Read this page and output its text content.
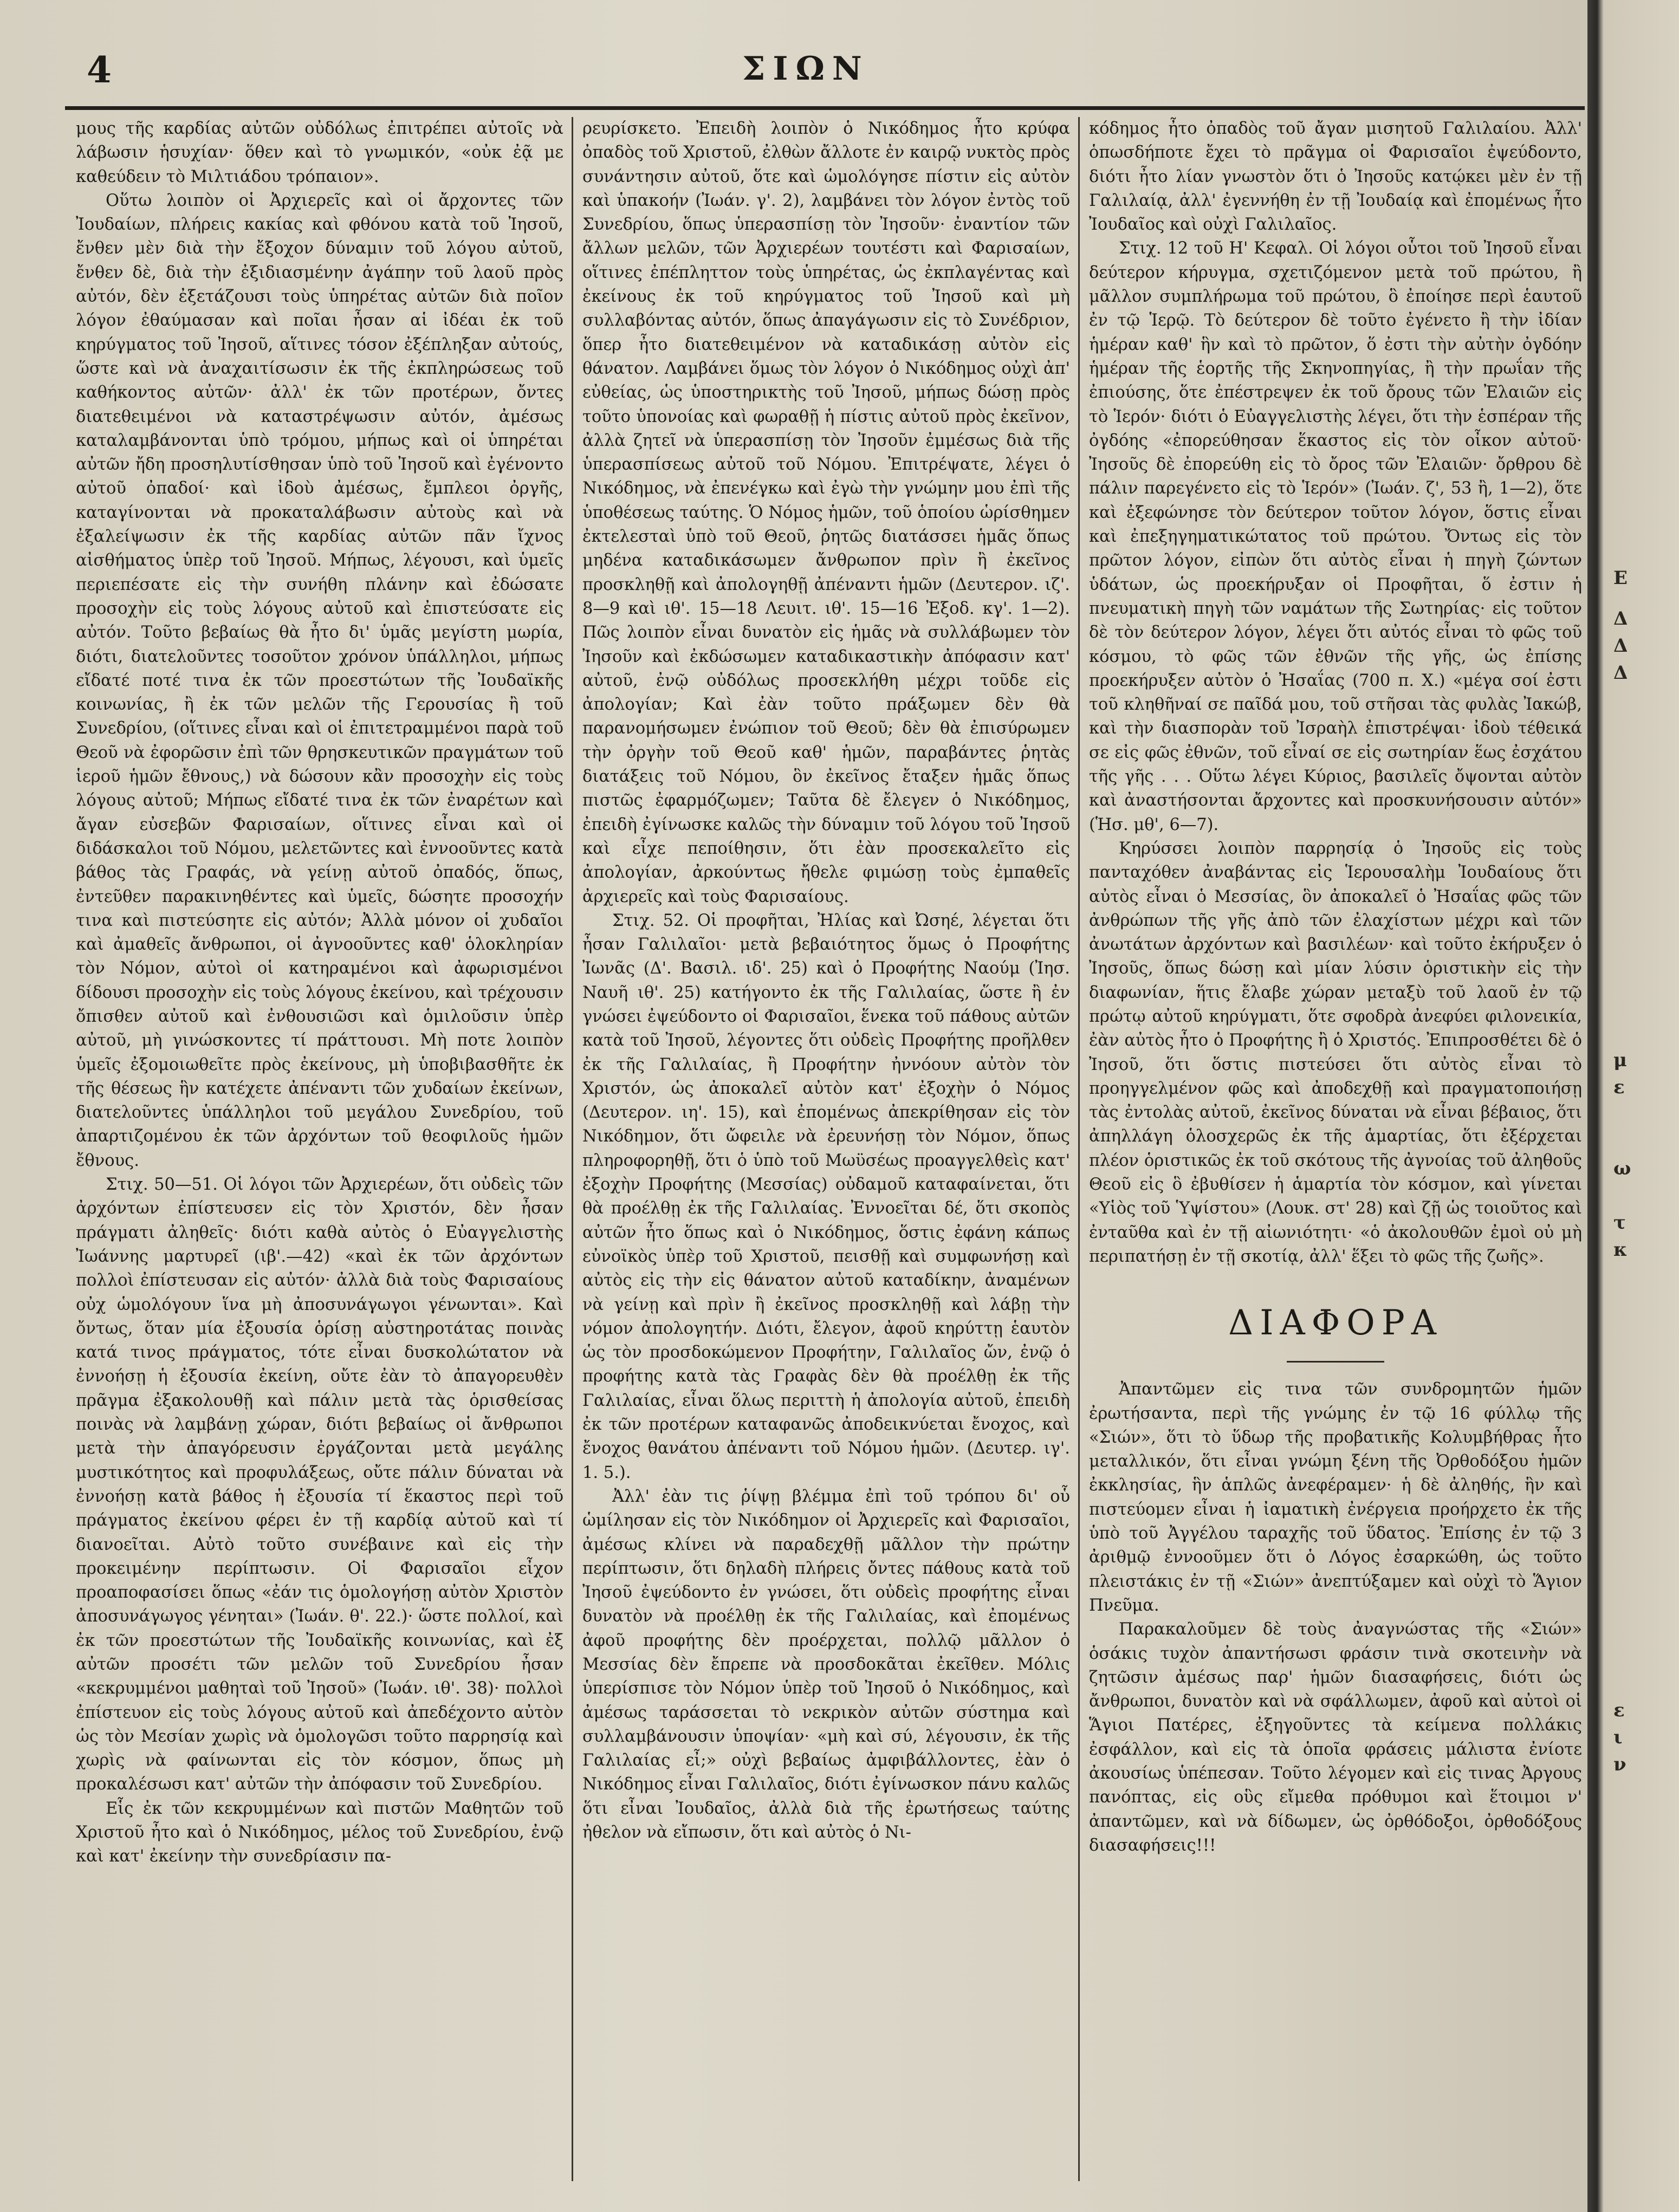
Ε
Δ
Δ
Δ
μ
ε
ω
τ
κ
ε
ι
ν
4	ΣΙΩΝ

μους τῆς καρδίας αὐτῶν οὐδόλως ἐπιτρέπει αὐτοῖς νὰ λάβωσιν ἡσυχίαν· ὅθεν καὶ τὸ γνωμικόν, «οὐκ ἐᾷ με καθεύδειν τὸ Μιλτιάδου τρόπαιον».

Οὕτω λοιπὸν οἱ Ἀρχιερεῖς καὶ οἱ ἄρχοντες τῶν Ἰουδαίων, πλήρεις κακίας καὶ φθόνου κατὰ τοῦ Ἰησοῦ, ἔνθεν μὲν διὰ τὴν ἔξοχον δύναμιν τοῦ λόγου αὐτοῦ, ἔνθεν δὲ, διὰ τὴν ἐξιδιασμένην ἀγάπην τοῦ λαοῦ πρὸς αὐτόν, δὲν ἐξετάζουσι τοὺς ὑπηρέτας αὐτῶν διὰ ποῖον λόγον ἐθαύμασαν καὶ ποῖαι ἦσαν αἱ ἰδέαι ἐκ τοῦ κηρύγματος τοῦ Ἰησοῦ, αἵτινες τόσον ἐξέπληξαν αὐτούς, ὥστε καὶ νὰ ἀναχαιτίσωσιν ἐκ τῆς ἐκπληρώσεως τοῦ καθήκοντος αὐτῶν· ἀλλ' ἐκ τῶν προτέρων, ὄντες διατεθειμένοι νὰ καταστρέψωσιν αὐτόν, ἀμέσως καταλαμβάνονται ὑπὸ τρόμου, μήπως καὶ οἱ ὑπηρέται αὐτῶν ἤδη προσηλυτίσθησαν ὑπὸ τοῦ Ἰησοῦ καὶ ἐγένοντο αὐτοῦ ὀπαδοί· καὶ ἰδοὺ ἀμέσως, ἔμπλεοι ὀργῆς, καταγίνονται νὰ προκαταλάβωσιν αὐτοὺς καὶ νὰ ἐξαλείψωσιν ἐκ τῆς καρδίας αὐτῶν πᾶν ἴχνος αἰσθήματος ὑπὲρ τοῦ Ἰησοῦ. Μήπως, λέγουσι, καὶ ὑμεῖς περιεπέσατε εἰς τὴν συνήθη πλάνην καὶ ἐδώσατε προσοχὴν εἰς τοὺς λόγους αὐτοῦ καὶ ἐπιστεύσατε εἰς αὐτόν. Τοῦτο βεβαίως θὰ ἦτο δι' ὑμᾶς μεγίστη μωρία, διότι, διατελοῦντες τοσοῦτον χρόνον ὑπάλληλοι, μήπως εἴδατέ ποτέ τινα ἐκ τῶν προεστώτων τῆς Ἰουδαϊκῆς κοινωνίας, ἢ ἐκ τῶν μελῶν τῆς Γερουσίας ἢ τοῦ Συνεδρίου, (οἵτινες εἶναι καὶ οἱ ἐπιτετραμμένοι παρὰ τοῦ Θεοῦ νὰ ἐφορῶσιν ἐπὶ τῶν θρησκευτικῶν πραγμάτων τοῦ ἱεροῦ ἡμῶν ἔθνους,) νὰ δώσουν κἂν προσοχὴν εἰς τοὺς λόγους αὐτοῦ; Μήπως εἴδατέ τινα ἐκ τῶν ἐναρέτων καὶ ἄγαν εὐσεβῶν Φαρισαίων, οἵτινες εἶναι καὶ οἱ διδάσκαλοι τοῦ Νόμου, μελετῶντες καὶ ἐννοοῦντες κατὰ βάθος τὰς Γραφάς, νὰ γείνῃ αὐτοῦ ὀπαδός, ὅπως, ἐντεῦθεν παρακινηθέντες καὶ ὑμεῖς, δώσητε προσοχήν τινα καὶ πιστεύσητε εἰς αὐτόν; Ἀλλὰ μόνον οἱ χυδαῖοι καὶ ἀμαθεῖς ἄνθρωποι, οἱ ἀγνοοῦντες καθ' ὁλοκληρίαν τὸν Νόμον, αὐτοὶ οἱ κατηραμένοι καὶ ἀφωρισμένοι δίδουσι προσοχὴν εἰς τοὺς λόγους ἐκείνου, καὶ τρέχουσιν ὄπισθεν αὐτοῦ καὶ ἐνθουσιῶσι καὶ ὁμιλοῦσιν ὑπὲρ αὐτοῦ, μὴ γινώσκοντες τί πράττουσι. Μὴ ποτε λοιπὸν ὑμεῖς ἐξομοιωθεῖτε πρὸς ἐκείνους, μὴ ὑποβιβασθῆτε ἐκ τῆς θέσεως ἣν κατέχετε ἀπέναντι τῶν χυδαίων ἐκείνων, διατελοῦντες ὑπάλληλοι τοῦ μεγάλου Συνεδρίου, τοῦ ἀπαρτιζομένου ἐκ τῶν ἀρχόντων τοῦ θεοφιλοῦς ἡμῶν ἔθνους.

Στιχ. 50—51. Οἱ λόγοι τῶν Ἀρχιερέων, ὅτι οὐδεὶς τῶν ἀρχόντων ἐπίστευσεν εἰς τὸν Χριστόν, δὲν ἦσαν πράγματι ἀληθεῖς· διότι καθὰ αὐτὸς ὁ Εὐαγγελιστὴς Ἰωάννης μαρτυρεῖ (ιβ'.—42) «καὶ ἐκ τῶν ἀρχόντων πολλοὶ ἐπίστευσαν εἰς αὐτόν· ἀλλὰ διὰ τοὺς Φαρισαίους οὐχ ὡμολόγουν ἵνα μὴ ἀποσυνάγωγοι γένωνται». Καὶ ὄντως, ὅταν μία ἐξουσία ὁρίσῃ αὐστηροτάτας ποινὰς κατά τινος πράγματος, τότε εἶναι δυσκολώτατον νὰ ἐννοήσῃ ἡ ἐξουσία ἐκείνη, οὔτε ἐὰν τὸ ἀπαγορευθὲν πρᾶγμα ἐξακολουθῇ καὶ πάλιν μετὰ τὰς ὁρισθείσας ποινὰς νὰ λαμβάνῃ χώραν, διότι βεβαίως οἱ ἄνθρωποι μετὰ τὴν ἀπαγόρευσιν ἐργάζονται μετὰ μεγάλης μυστικότητος καὶ προφυλάξεως, οὔτε πάλιν δύναται νὰ ἐννοήσῃ κατὰ βάθος ἡ ἐξουσία τί ἕκαστος περὶ τοῦ πράγματος ἐκείνου φέρει ἐν τῇ καρδίᾳ αὐτοῦ καὶ τί διανοεῖται. Αὐτὸ τοῦτο συνέβαινε καὶ εἰς τὴν προκειμένην περίπτωσιν. Οἱ Φαρισαῖοι εἶχον προαποφασίσει ὅπως «ἐάν τις ὁμολογήσῃ αὐτὸν Χριστὸν ἀποσυνάγωγος γένηται» (Ἰωάν. θ'. 22.)· ὥστε πολλοί, καὶ ἐκ τῶν προεστώτων τῆς Ἰουδαϊκῆς κοινωνίας, καὶ ἐξ αὐτῶν προσέτι τῶν μελῶν τοῦ Συνεδρίου ἦσαν «κεκρυμμένοι μαθηταὶ τοῦ Ἰησοῦ» (Ἰωάν. ιθ'. 38)· πολλοὶ ἐπίστευον εἰς τοὺς λόγους αὐτοῦ καὶ ἀπεδέχοντο αὐτὸν ὡς τὸν Μεσίαν χωρὶς νὰ ὁμολογῶσι τοῦτο παρρησίᾳ καὶ χωρὶς νὰ φαίνωνται εἰς τὸν κόσμον, ὅπως μὴ προκαλέσωσι κατ' αὐτῶν τὴν ἀπόφασιν τοῦ Συνεδρίου.

Εἷς ἐκ τῶν κεκρυμμένων καὶ πιστῶν Μαθητῶν τοῦ Χριστοῦ ἦτο καὶ ὁ Νικόδημος, μέλος τοῦ Συνεδρίου, ἐνῷ καὶ κατ' ἐκείνην τὴν συνεδρίασιν πα-

ρευρίσκετο. Ἐπειδὴ λοιπὸν ὁ Νικόδημος ἦτο κρύφα ὀπαδὸς τοῦ Χριστοῦ, ἐλθὼν ἄλλοτε ἐν καιρῷ νυκτὸς πρὸς συνάντησιν αὐτοῦ, ὅτε καὶ ὡμολόγησε πίστιν εἰς αὐτὸν καὶ ὑπακοήν (Ἰωάν. γ'. 2), λαμβάνει τὸν λόγον ἐντὸς τοῦ Συνεδρίου, ὅπως ὑπερασπίσῃ τὸν Ἰησοῦν· ἐναντίον τῶν ἄλλων μελῶν, τῶν Ἀρχιερέων τουτέστι καὶ Φαρισαίων, οἵτινες ἐπέπληττον τοὺς ὑπηρέτας, ὡς ἐκπλαγέντας καὶ ἐκείνους ἐκ τοῦ κηρύγματος τοῦ Ἰησοῦ καὶ μὴ συλλαβόντας αὐτόν, ὅπως ἀπαγάγωσιν εἰς τὸ Συνέδριον, ὅπερ ἦτο διατεθειμένον νὰ καταδικάσῃ αὐτὸν εἰς θάνατον. Λαμβάνει ὅμως τὸν λόγον ὁ Νικόδημος οὐχὶ ἀπ' εὐθείας, ὡς ὑποστηρικτὴς τοῦ Ἰησοῦ, μήπως δώσῃ πρὸς τοῦτο ὑπονοίας καὶ φωραθῇ ἡ πίστις αὐτοῦ πρὸς ἐκεῖνον, ἀλλὰ ζητεῖ νὰ ὑπερασπίσῃ τὸν Ἰησοῦν ἐμμέσως διὰ τῆς ὑπερασπίσεως αὐτοῦ τοῦ Νόμου. Ἐπιτρέψατε, λέγει ὁ Νικόδημος, νὰ ἐπενέγκω καὶ ἐγὼ τὴν γνώμην μου ἐπὶ τῆς ὑποθέσεως ταύτης. Ὁ Νόμος ἡμῶν, τοῦ ὁποίου ὡρίσθημεν ἐκτελεσταὶ ὑπὸ τοῦ Θεοῦ, ῥητῶς διατάσσει ἡμᾶς ὅπως μηδένα καταδικάσωμεν ἄνθρωπον πρὶν ἢ ἐκεῖνος προσκληθῇ καὶ ἀπολογηθῇ ἀπέναντι ἡμῶν (Δευτερον. ιζ'. 8—9 καὶ ιθ'. 15—18 Λευιτ. ιθ'. 15—16 Ἐξοδ. κγ'. 1—2). Πῶς λοιπὸν εἶναι δυνατὸν εἰς ἡμᾶς νὰ συλλάβωμεν τὸν Ἰησοῦν καὶ ἐκδώσωμεν καταδικαστικὴν ἀπόφασιν κατ' αὐτοῦ, ἐνῷ οὐδόλως προσεκλήθη μέχρι τοῦδε εἰς ἀπολογίαν; Καὶ ἐὰν τοῦτο πράξωμεν δὲν θὰ παρανομήσωμεν ἐνώπιον τοῦ Θεοῦ; δὲν θὰ ἐπισύρωμεν τὴν ὀργὴν τοῦ Θεοῦ καθ' ἡμῶν, παραβάντες ῥητὰς διατάξεις τοῦ Νόμου, ὃν ἐκεῖνος ἔταξεν ἡμᾶς ὅπως πιστῶς ἐφαρμόζωμεν; Ταῦτα δὲ ἔλεγεν ὁ Νικόδημος, ἐπειδὴ ἐγίνωσκε καλῶς τὴν δύναμιν τοῦ λόγου τοῦ Ἰησοῦ καὶ εἶχε πεποίθησιν, ὅτι ἐὰν προσεκαλεῖτο εἰς ἀπολογίαν, ἀρκούντως ἤθελε φιμώσῃ τοὺς ἐμπαθεῖς ἀρχιερεῖς καὶ τοὺς Φαρισαίους.

Στιχ. 52. Οἱ προφῆται, Ἠλίας καὶ Ὠσηέ, λέγεται ὅτι ἦσαν Γαλιλαῖοι· μετὰ βεβαιότητος ὅμως ὁ Προφήτης Ἰωνᾶς (Δ'. Βασιλ. ιδ'. 25) καὶ ὁ Προφήτης Ναούμ (Ἰησ. Ναυῆ ιθ'. 25) κατήγοντο ἐκ τῆς Γαλιλαίας, ὥστε ἢ ἐν γνώσει ἐψεύδοντο οἱ Φαρισαῖοι, ἕνεκα τοῦ πάθους αὐτῶν κατὰ τοῦ Ἰησοῦ, λέγοντες ὅτι οὐδεὶς Προφήτης προῆλθεν ἐκ τῆς Γαλιλαίας, ἢ Προφήτην ἠννόουν αὐτὸν τὸν Χριστόν, ὡς ἀποκαλεῖ αὐτὸν κατ' ἐξοχὴν ὁ Νόμος (Δευτερον. ιη'. 15), καὶ ἐπομένως ἀπεκρίθησαν εἰς τὸν Νικόδημον, ὅτι ὤφειλε νὰ ἐρευνήσῃ τὸν Νόμον, ὅπως πληροφορηθῇ, ὅτι ὁ ὑπὸ τοῦ Μωϋσέως προαγγελθεὶς κατ' ἐξοχὴν Προφήτης (Μεσσίας) οὐδαμοῦ καταφαίνεται, ὅτι θὰ προέλθῃ ἐκ τῆς Γαλιλαίας. Ἐννοεῖται δέ, ὅτι σκοπὸς αὐτῶν ἦτο ὅπως καὶ ὁ Νικόδημος, ὅστις ἐφάνη κάπως εὐνοϊκὸς ὑπὲρ τοῦ Χριστοῦ, πεισθῇ καὶ συμφωνήσῃ καὶ αὐτὸς εἰς τὴν εἰς θάνατον αὐτοῦ καταδίκην, ἀναμένων νὰ γείνῃ καὶ πρὶν ἢ ἐκεῖνος προσκληθῇ καὶ λάβῃ τὴν νόμον ἀπολογητήν. Διότι, ἔλεγον, ἀφοῦ κηρύττῃ ἑαυτὸν ὡς τὸν προσδοκώμενον Προφήτην, Γαλιλαῖος ὤν, ἐνῷ ὁ προφήτης κατὰ τὰς Γραφὰς δὲν θὰ προέλθῃ ἐκ τῆς Γαλιλαίας, εἶναι ὅλως περιττὴ ἡ ἀπολογία αὐτοῦ, ἐπειδὴ ἐκ τῶν προτέρων καταφανῶς ἀποδεικνύεται ἔνοχος, καὶ ἔνοχος θανάτου ἀπέναντι τοῦ Νόμου ἡμῶν. (Δευτερ. ιγ'. 1. 5.).

Ἀλλ' ἐὰν τις ῥίψῃ βλέμμα ἐπὶ τοῦ τρόπου δι' οὗ ὡμίλησαν εἰς τὸν Νικόδημον οἱ Ἀρχιερεῖς καὶ Φαρισαῖοι, ἀμέσως κλίνει νὰ παραδεχθῇ μᾶλλον τὴν πρώτην περίπτωσιν, ὅτι δηλαδὴ πλήρεις ὄντες πάθους κατὰ τοῦ Ἰησοῦ ἐψεύδοντο ἐν γνώσει, ὅτι οὐδεὶς προφήτης εἶναι δυνατὸν νὰ προέλθῃ ἐκ τῆς Γαλιλαίας, καὶ ἐπομένως ἀφοῦ προφήτης δὲν προέρχεται, πολλῷ μᾶλλον ὁ Μεσσίας δὲν ἔπρεπε νὰ προσδοκᾶται ἐκεῖθεν. Μόλις ὑπερίσπισε τὸν Νόμον ὑπὲρ τοῦ Ἰησοῦ ὁ Νικόδημος, καὶ ἀμέσως ταράσσεται τὸ νεκρικὸν αὐτῶν σύστημα καὶ συλλαμβάνουσιν ὑποψίαν· «μὴ καὶ σύ, λέγουσιν, ἐκ τῆς Γαλιλαίας εἶ;» οὐχὶ βεβαίως ἀμφιβάλλοντες, ἐὰν ὁ Νικόδημος εἶναι Γαλιλαῖος, διότι ἐγίνωσκον πάνυ καλῶς ὅτι εἶναι Ἰουδαῖος, ἀλλὰ διὰ τῆς ἐρωτήσεως ταύτης ἠθελον νὰ εἴπωσιν, ὅτι καὶ αὐτὸς ὁ Νι-

κόδημος ἦτο ὀπαδὸς τοῦ ἄγαν μισητοῦ Γαλιλαίου. Ἀλλ' ὁπωσδήποτε ἔχει τὸ πρᾶγμα οἱ Φαρισαῖοι ἐψεύδοντο, διότι ἦτο λίαν γνωστὸν ὅτι ὁ Ἰησοῦς κατῴκει μὲν ἐν τῇ Γαλιλαίᾳ, ἀλλ' ἐγεννήθη ἐν τῇ Ἰουδαίᾳ καὶ ἐπομένως ἦτο Ἰουδαῖος καὶ οὐχὶ Γαλιλαῖος.

Στιχ. 12 τοῦ Η' Κεφαλ. Οἱ λόγοι οὗτοι τοῦ Ἰησοῦ εἶναι δεύτερον κήρυγμα, σχετιζόμενον μετὰ τοῦ πρώτου, ἢ μᾶλλον συμπλήρωμα τοῦ πρώτου, ὃ ἐποίησε περὶ ἑαυτοῦ ἐν τῷ Ἱερῷ. Τὸ δεύτερον δὲ τοῦτο ἐγένετο ἢ τὴν ἰδίαν ἡμέραν καθ' ἣν καὶ τὸ πρῶτον, ὅ ἐστι τὴν αὐτὴν ὀγδόην ἡμέραν τῆς ἑορτῆς τῆς Σκηνοπηγίας, ἢ τὴν πρωΐαν τῆς ἐπιούσης, ὅτε ἐπέστρεψεν ἐκ τοῦ ὄρους τῶν Ἐλαιῶν εἰς τὸ Ἱερόν· διότι ὁ Εὐαγγελιστὴς λέγει, ὅτι τὴν ἑσπέραν τῆς ὀγδόης «ἐπορεύθησαν ἕκαστος εἰς τὸν οἶκον αὐτοῦ· Ἰησοῦς δὲ ἐπορεύθη εἰς τὸ ὄρος τῶν Ἐλαιῶν· ὄρθρου δὲ πάλιν παρεγένετο εἰς τὸ Ἱερόν» (Ἰωάν. ζ', 53 ἢ, 1—2), ὅτε καὶ ἐξεφώνησε τὸν δεύτερον τοῦτον λόγον, ὅστις εἶναι καὶ ἐπεξηγηματικώτατος τοῦ πρώτου. Ὄντως εἰς τὸν πρῶτον λόγον, εἰπὼν ὅτι αὐτὸς εἶναι ἡ πηγὴ ζώντων ὑδάτων, ὡς προεκήρυξαν οἱ Προφῆται, ὅ ἐστιν ἡ πνευματικὴ πηγὴ τῶν ναμάτων τῆς Σωτηρίας· εἰς τοῦτον δὲ τὸν δεύτερον λόγον, λέγει ὅτι αὐτός εἶναι τὸ φῶς τοῦ κόσμου, τὸ φῶς τῶν ἐθνῶν τῆς γῆς, ὡς ἐπίσης προεκήρυξεν αὐτὸν ὁ Ἠσαΐας (700 π. Χ.) «μέγα σοί ἐστι τοῦ κληθῆναί σε παῖδά μου, τοῦ στῆσαι τὰς φυλὰς Ἰακώβ, καὶ τὴν διασπορὰν τοῦ Ἰσραὴλ ἐπιστρέψαι· ἰδοὺ τέθεικά σε εἰς φῶς ἐθνῶν, τοῦ εἶναί σε εἰς σωτηρίαν ἕως ἐσχάτου τῆς γῆς . . . Οὕτω λέγει Κύριος, βασιλεῖς ὄψονται αὐτὸν καὶ ἀναστήσονται ἄρχοντες καὶ προσκυνήσουσιν αὐτόν» (Ἡσ. μθ', 6—7).

Κηρύσσει λοιπὸν παρρησίᾳ ὁ Ἰησοῦς εἰς τοὺς πανταχόθεν ἀναβάντας εἰς Ἱερουσαλὴμ Ἰουδαίους ὅτι αὐτὸς εἶναι ὁ Μεσσίας, ὃν ἀποκαλεῖ ὁ Ἠσαΐας φῶς τῶν ἀνθρώπων τῆς γῆς ἀπὸ τῶν ἐλαχίστων μέχρι καὶ τῶν ἀνωτάτων ἀρχόντων καὶ βασιλέων· καὶ τοῦτο ἐκήρυξεν ὁ Ἰησοῦς, ὅπως δώσῃ καὶ μίαν λύσιν ὁριστικὴν εἰς τὴν διαφωνίαν, ἥτις ἔλαβε χώραν μεταξὺ τοῦ λαοῦ ἐν τῷ πρώτῳ αὐτοῦ κηρύγματι, ὅτε σφοδρὰ ἀνεφύει φιλονεικία, ἐὰν αὐτὸς ἦτο ὁ Προφήτης ἢ ὁ Χριστός. Ἐπιπροσθέτει δὲ ὁ Ἰησοῦ, ὅτι ὅστις πιστεύσει ὅτι αὐτὸς εἶναι τὸ προηγγελμένον φῶς καὶ ἀποδεχθῇ καὶ πραγματοποιήσῃ τὰς ἐντολὰς αὐτοῦ, ἐκεῖνος δύναται νὰ εἶναι βέβαιος, ὅτι ἀπηλλάγη ὁλοσχερῶς ἐκ τῆς ἁμαρτίας, ὅτι ἐξέρχεται πλέον ὁριστικῶς ἐκ τοῦ σκότους τῆς ἀγνοίας τοῦ ἀληθοῦς Θεοῦ εἰς ὃ ἐβυθίσεν ἡ ἁμαρτία τὸν κόσμον, καὶ γίνεται «Υἱὸς τοῦ Ὑψίστου» (Λουκ. στ' 28) καὶ ζῇ ὡς τοιοῦτος καὶ ἐνταῦθα καὶ ἐν τῇ αἰωνιότητι· «ὁ ἀκολουθῶν ἐμοὶ οὐ μὴ περιπατήσῃ ἐν τῇ σκοτίᾳ, ἀλλ' ἕξει τὸ φῶς τῆς ζωῆς».

ΔΙΑΦΟΡΑ

Ἀπαντῶμεν εἰς τινα τῶν συνδρομητῶν ἡμῶν ἐρωτήσαντα, περὶ τῆς γνώμης ἐν τῷ 16 φύλλῳ τῆς «Σιών», ὅτι τὸ ὕδωρ τῆς προβατικῆς Κολυμβήθρας ἦτο μεταλλικόν, ὅτι εἶναι γνώμη ξένη τῆς Ὀρθοδόξου ἡμῶν ἐκκλησίας, ἣν ἁπλῶς ἀνεφέραμεν· ἡ δὲ ἀληθής, ἣν καὶ πιστεύομεν εἶναι ἡ ἰαματικὴ ἐνέργεια προήρχετο ἐκ τῆς ὑπὸ τοῦ Ἀγγέλου ταραχῆς τοῦ ὕδατος. Ἐπίσης ἐν τῷ 3 ἀριθμῷ ἐννοοῦμεν ὅτι ὁ Λόγος ἐσαρκώθη, ὡς τοῦτο πλειστάκις ἐν τῇ «Σιών» ἀνεπτύξαμεν καὶ οὐχὶ τὸ Ἅγιον Πνεῦμα.

Παρακαλοῦμεν δὲ τοὺς ἀναγνώστας τῆς «Σιών» ὁσάκις τυχὸν ἀπαντήσωσι φράσιν τινὰ σκοτεινὴν νὰ ζητῶσιν ἀμέσως παρ' ἡμῶν διασαφήσεις, διότι ὡς ἄνθρωποι, δυνατὸν καὶ νὰ σφάλλωμεν, ἀφοῦ καὶ αὐτοὶ οἱ Ἅγιοι Πατέρες, ἐξηγοῦντες τὰ κείμενα πολλάκις ἐσφάλλον, καὶ εἰς τὰ ὁποῖα φράσεις μάλιστα ἐνίοτε ἀκουσίως ὑπέπεσαν. Τοῦτο λέγομεν καὶ εἰς τινας Ἀργους πανόπτας, εἰς οὓς εἴμεθα πρόθυμοι καὶ ἕτοιμοι ν' ἀπαντῶμεν, καὶ νὰ δίδωμεν, ὡς ὀρθόδοξοι, ὀρθοδόξους διασαφήσεις!!!
